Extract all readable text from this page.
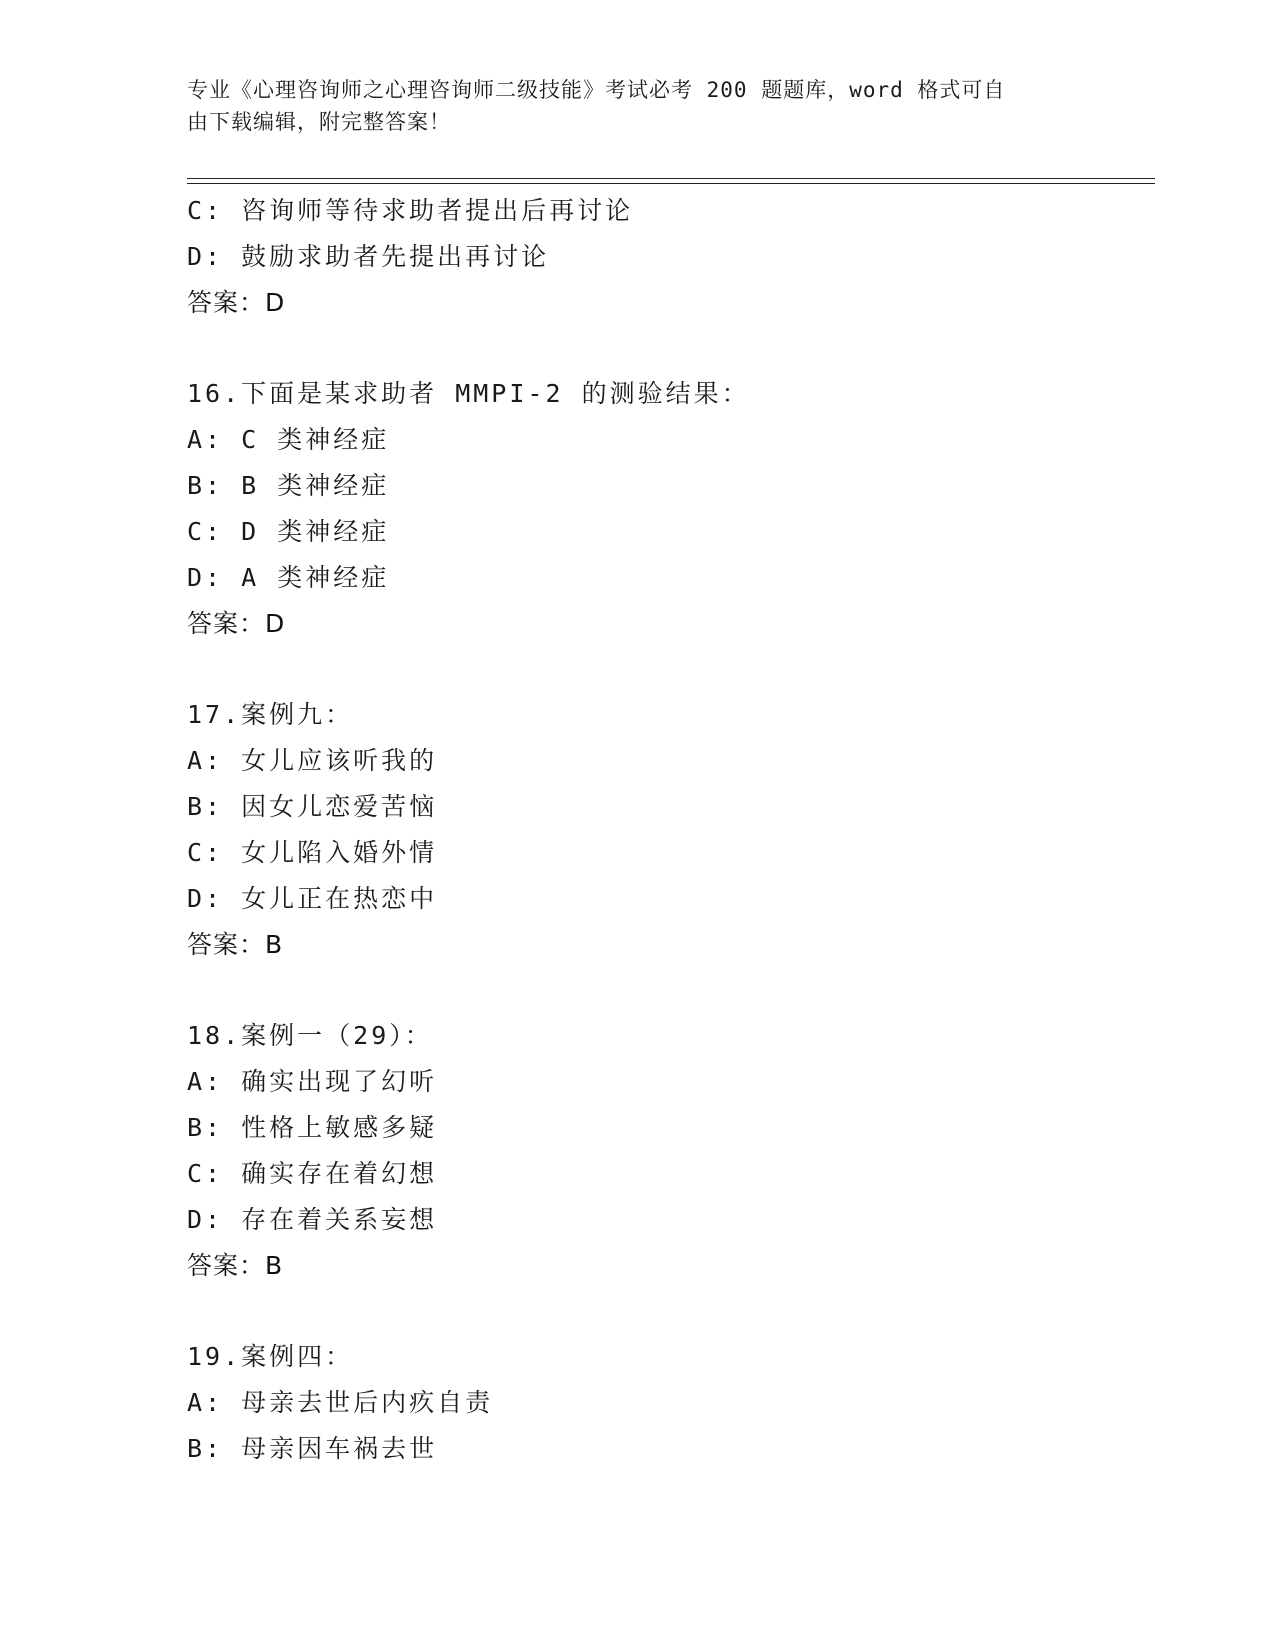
专业《心理咨询师之心理咨询师二级技能》考试必考 200 题题库，word 格式可自
由下载编辑，附完整答案！
C: 咨询师等待求助者提出后再讨论
D: 鼓励求助者先提出再讨论
答案：D
16.下面是某求助者 MMPI-2 的测验结果：
A: C 类神经症
B: B 类神经症
C: D 类神经症
D: A 类神经症
答案：D
17.案例九：
A: 女儿应该听我的
B: 因女儿恋爱苦恼
C: 女儿陷入婚外情
D: 女儿正在热恋中
答案：B
18.案例一（29）：
A: 确实出现了幻听
B: 性格上敏感多疑
C: 确实存在着幻想
D: 存在着关系妄想
答案：B
19.案例四：
A: 母亲去世后内疚自责
B: 母亲因车祸去世
